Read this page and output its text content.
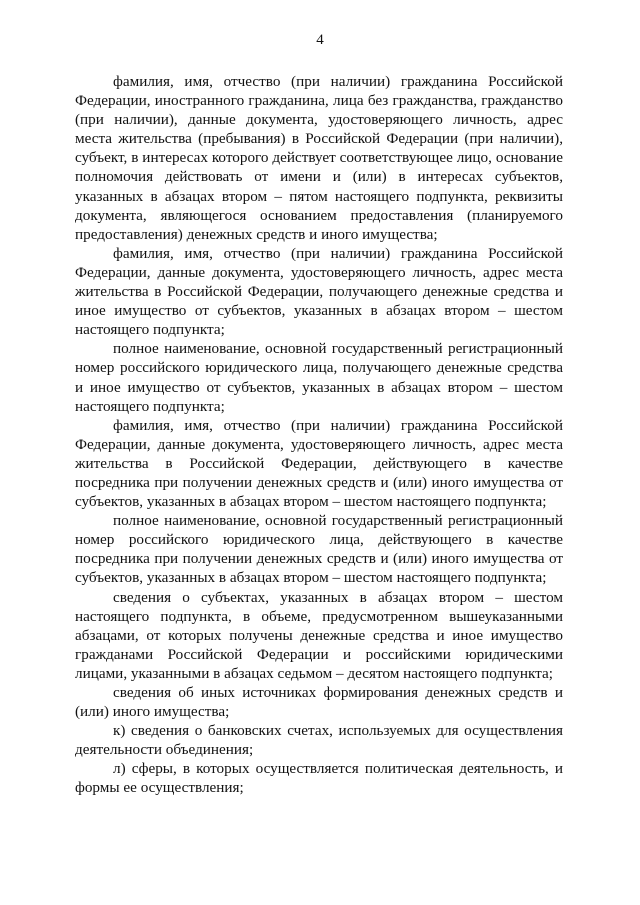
4

фамилия, имя, отчество (при наличии) гражданина Российской Федерации, иностранного гражданина, лица без гражданства, гражданство (при наличии), данные документа, удостоверяющего личность, адрес места жительства (пребывания) в Российской Федерации (при наличии), субъект, в интересах которого действует соответствующее лицо, основание полномочия действовать от имени и (или) в интересах субъектов, указанных в абзацах втором – пятом настоящего подпункта, реквизиты документа, являющегося основанием предоставления (планируемого предоставления) денежных средств и иного имущества;

фамилия, имя, отчество (при наличии) гражданина Российской Федерации, данные документа, удостоверяющего личность, адрес места жительства в Российской Федерации, получающего денежные средства и иное имущество от субъектов, указанных в абзацах втором – шестом настоящего подпункта;

полное наименование, основной государственный регистрационный номер российского юридического лица, получающего денежные средства и иное имущество от субъектов, указанных в абзацах втором – шестом настоящего подпункта;

фамилия, имя, отчество (при наличии) гражданина Российской Федерации, данные документа, удостоверяющего личность, адрес места жительства в Российской Федерации, действующего в качестве посредника при получении денежных средств и (или) иного имущества от субъектов, указанных в абзацах втором – шестом настоящего подпункта;

полное наименование, основной государственный регистрационный номер российского юридического лица, действующего в качестве посредника при получении денежных средств и (или) иного имущества от субъектов, указанных в абзацах втором – шестом настоящего подпункта;

сведения о субъектах, указанных в абзацах втором – шестом настоящего подпункта, в объеме, предусмотренном вышеуказанными абзацами, от которых получены денежные средства и иное имущество гражданами Российской Федерации и российскими юридическими лицами, указанными в абзацах седьмом – десятом настоящего подпункта;

сведения об иных источниках формирования денежных средств и (или) иного имущества;

к) сведения о банковских счетах, используемых для осуществления деятельности объединения;

л) сферы, в которых осуществляется политическая деятельность, и формы ее осуществления;
